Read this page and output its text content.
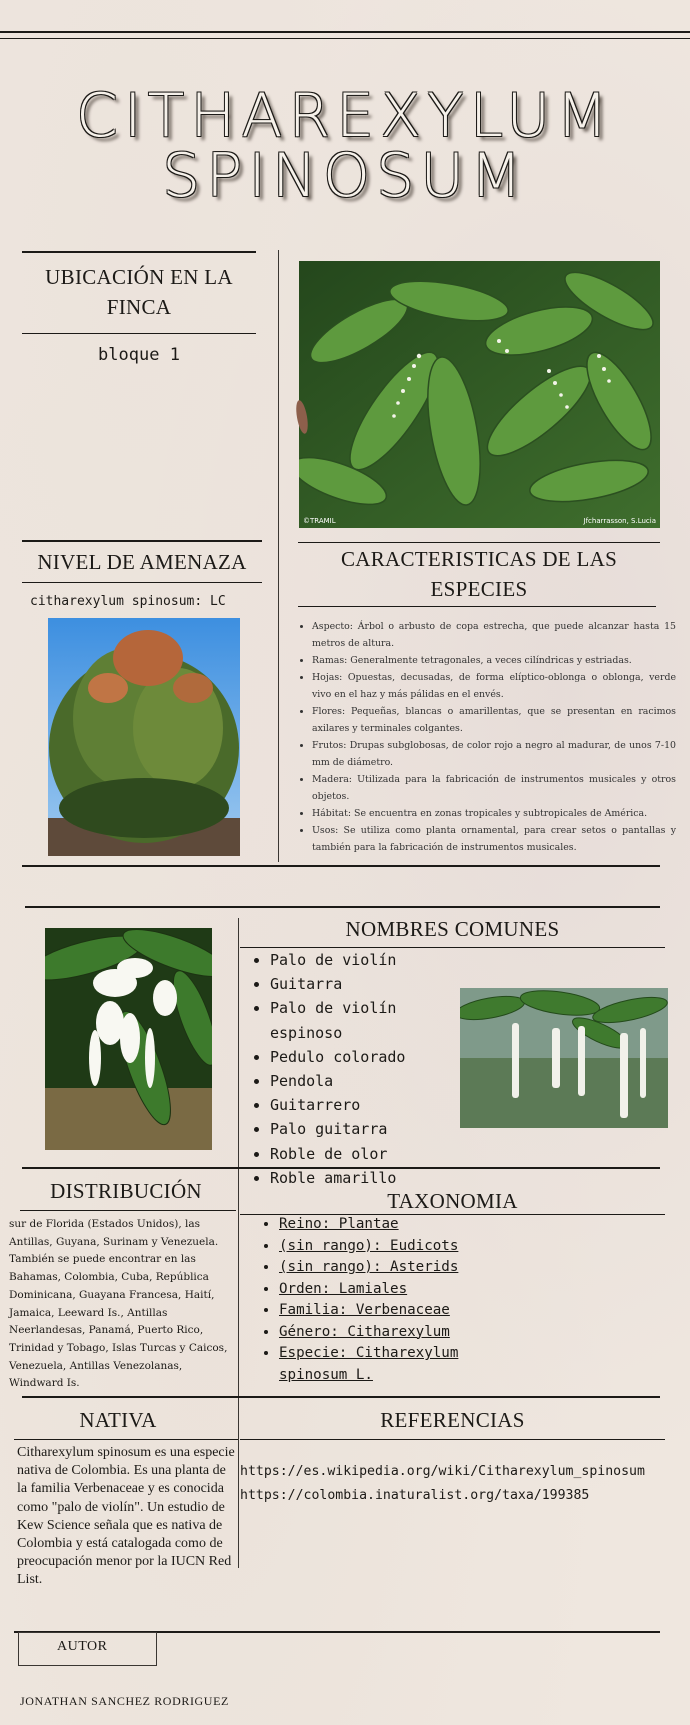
CITHAREXYLUM
SPINOSUM
UBICACIÓN EN LA FINCA
bloque 1
©TRAMIL	Jfcharrasson, S.Lucia
NIVEL DE AMENAZA
citharexylum spinosum: LC
CARACTERISTICAS DE LAS ESPECIES
• Aspecto: Árbol o arbusto de copa estrecha, que puede alcanzar hasta 15 metros de altura.
• Ramas: Generalmente tetragonales, a veces cilíndricas y estriadas.
• Hojas: Opuestas, decusadas, de forma elíptico-oblonga o oblonga, verde vivo en el haz y más pálidas en el envés.
• Flores: Pequeñas, blancas o amarillentas, que se presentan en racimos axilares y terminales colgantes.
• Frutos: Drupas subglobosas, de color rojo a negro al madurar, de unos 7-10 mm de diámetro.
• Madera: Utilizada para la fabricación de instrumentos musicales y otros objetos.
• Hábitat: Se encuentra en zonas tropicales y subtropicales de América.
• Usos: Se utiliza como planta ornamental, para crear setos o pantallas y también para la fabricación de instrumentos musicales.
NOMBRES COMUNES
• Palo de violín
• Guitarra
• Palo de violín espinoso
• Pedulo colorado
• Pendola
• Guitarrero
• Palo guitarra
• Roble de olor
• Roble amarillo
DISTRIBUCIÓN
sur de Florida (Estados Unidos), las Antillas, Guyana, Surinam y Venezuela. También se puede encontrar en las Bahamas, Colombia, Cuba, República Dominicana, Guayana Francesa, Haití, Jamaica, Leeward Is., Antillas Neerlandesas, Panamá, Puerto Rico, Trinidad y Tobago, Islas Turcas y Caicos, Venezuela, Antillas Venezolanas, Windward Is.
TAXONOMIA
• Reino: Plantae
• (sin rango): Eudicots
• (sin rango): Asterids
• Orden: Lamiales
• Familia: Verbenaceae
• Género: Citharexylum
• Especie: Citharexylum spinosum L.
NATIVA
Citharexylum spinosum es una especie nativa de Colombia. Es una planta de la familia Verbenaceae y es conocida como "palo de violín". Un estudio de Kew Science señala que es nativa de Colombia y está catalogada como de preocupación menor por la IUCN Red List.
REFERENCIAS
https://es.wikipedia.org/wiki/Citharexylum_spinosum
https://colombia.inaturalist.org/taxa/199385
AUTOR
JONATHAN SANCHEZ RODRIGUEZ
